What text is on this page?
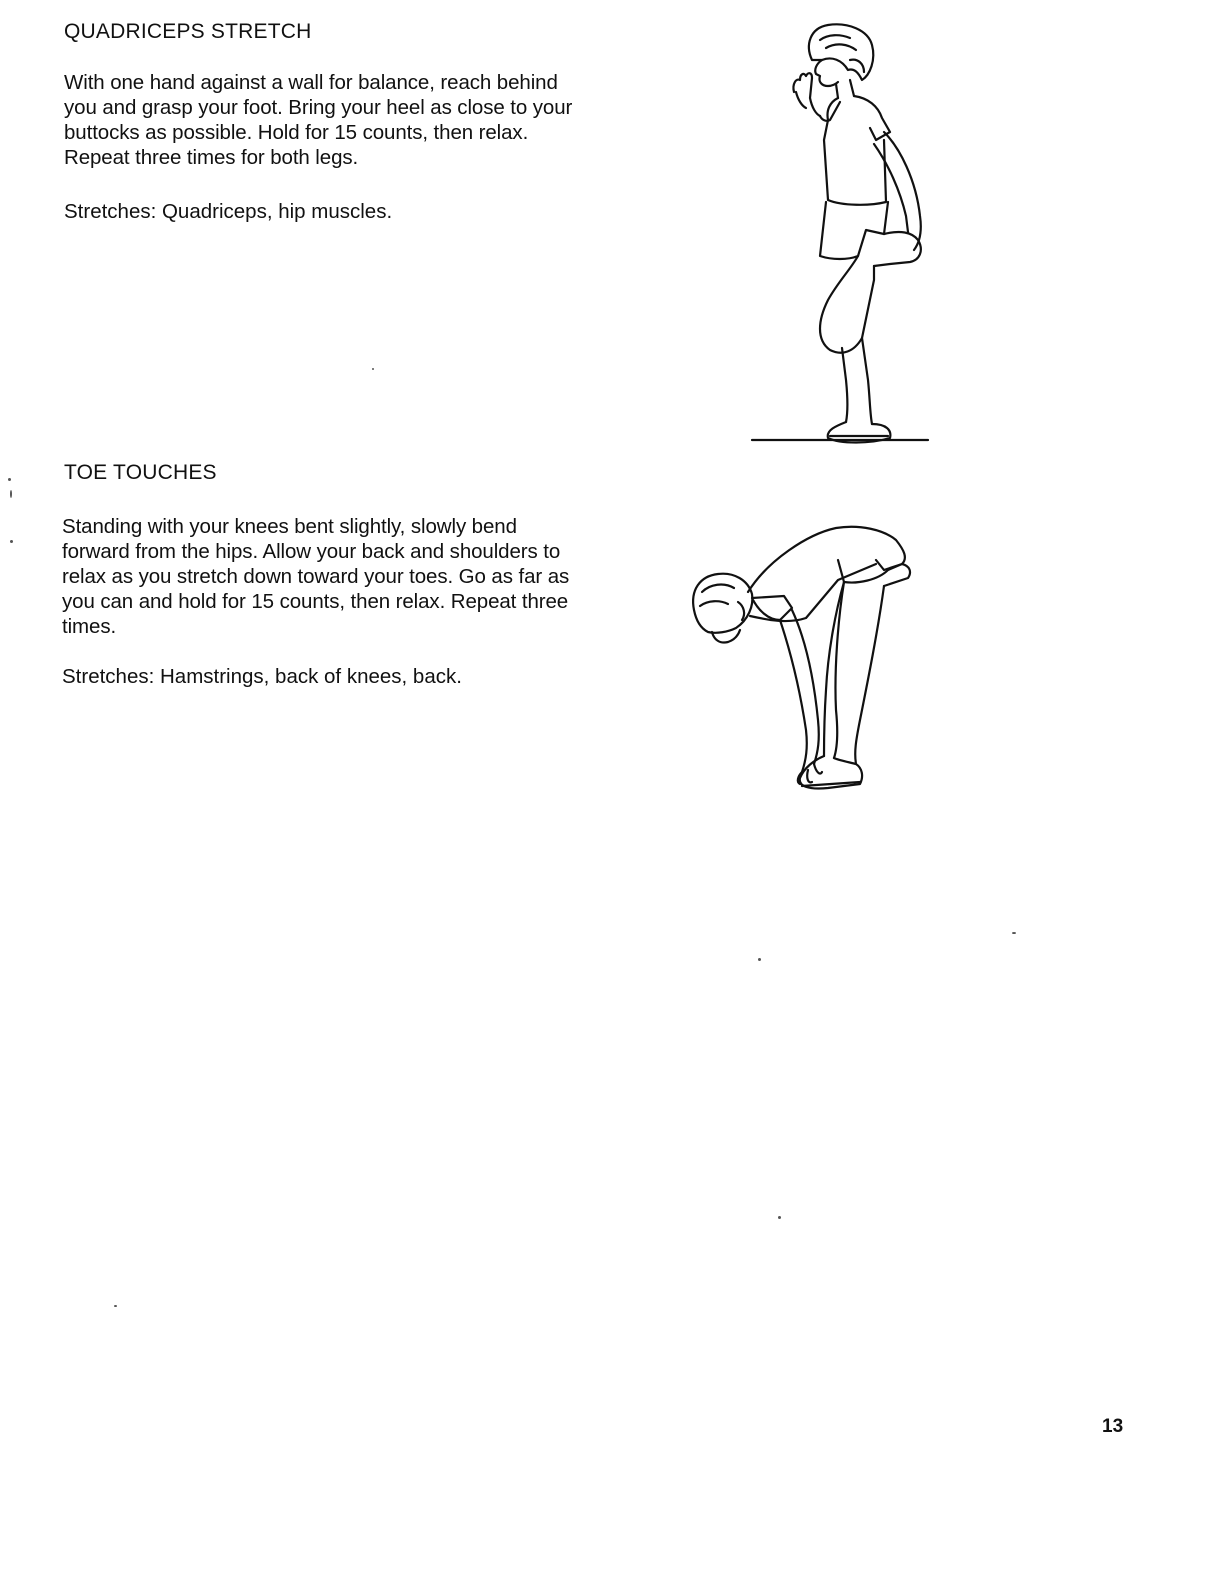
QUADRICEPS STRETCH

With one hand against a wall for balance, reach behind
you and grasp your foot. Bring your heel as close to your
buttocks as possible. Hold for 15 counts, then relax.
Repeat three times for both legs.

Stretches: Quadriceps, hip muscles.

TOE TOUCHES

Standing with your knees bent slightly, slowly bend
forward from the hips. Allow your back and shoulders to
relax as you stretch down toward your toes. Go as far as
you can and hold for 15 counts, then relax. Repeat three
times.

Stretches: Hamstrings, back of knees, back.

13
